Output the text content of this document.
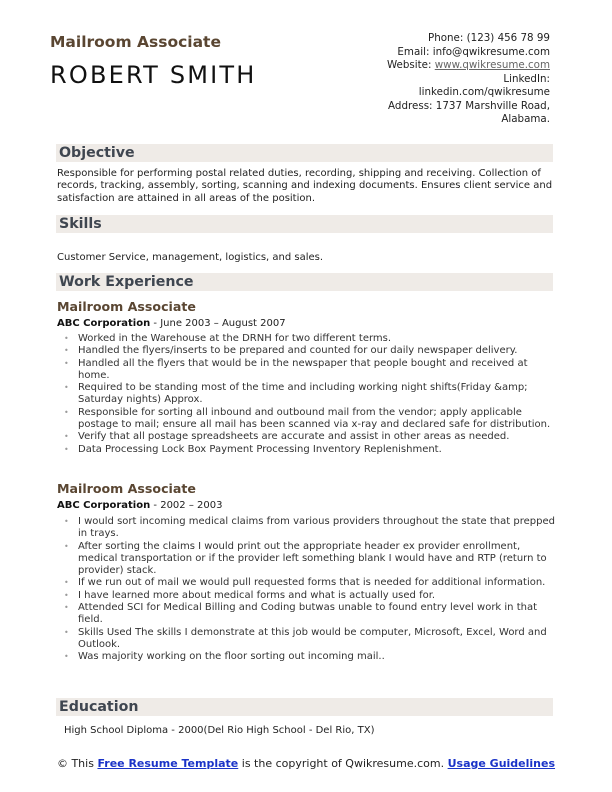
Mailroom Associate
ROBERT SMITH
Phone: (123) 456 78 99
Email: info@qwikresume.com
Website: www.qwikresume.com
LinkedIn:
linkedin.com/qwikresume
Address: 1737 Marshville Road,
Alabama.
Objective
Responsible for performing postal related duties, recording, shipping and receiving. Collection of records, tracking, assembly, sorting, scanning and indexing documents. Ensures client service and satisfaction are attained in all areas of the position.
Skills
Customer Service, management, logistics, and sales.
Work Experience
Mailroom Associate
ABC Corporation - June 2003 – August 2007
• Worked in the Warehouse at the DRNH for two different terms.
• Handled the flyers/inserts to be prepared and counted for our daily newspaper delivery.
• Handled all the flyers that would be in the newspaper that people bought and received at home.
• Required to be standing most of the time and including working night shifts(Friday &amp; Saturday nights) Approx.
• Responsible for sorting all inbound and outbound mail from the vendor; apply applicable postage to mail; ensure all mail has been scanned via x-ray and declared safe for distribution.
• Verify that all postage spreadsheets are accurate and assist in other areas as needed.
• Data Processing Lock Box Payment Processing Inventory Replenishment.
Mailroom Associate
ABC Corporation - 2002 – 2003
• I would sort incoming medical claims from various providers throughout the state that prepped in trays.
• After sorting the claims I would print out the appropriate header ex provider enrollment, medical transportation or if the provider left something blank I would have and RTP (return to provider) stack.
• If we run out of mail we would pull requested forms that is needed for additional information.
• I have learned more about medical forms and what is actually used for.
• Attended SCI for Medical Billing and Coding butwas unable to found entry level work in that field.
• Skills Used The skills I demonstrate at this job would be computer, Microsoft, Excel, Word and Outlook.
• Was majority working on the floor sorting out incoming mail..
Education
High School Diploma - 2000(Del Rio High School - Del Rio, TX)
© This Free Resume Template is the copyright of Qwikresume.com. Usage Guidelines
